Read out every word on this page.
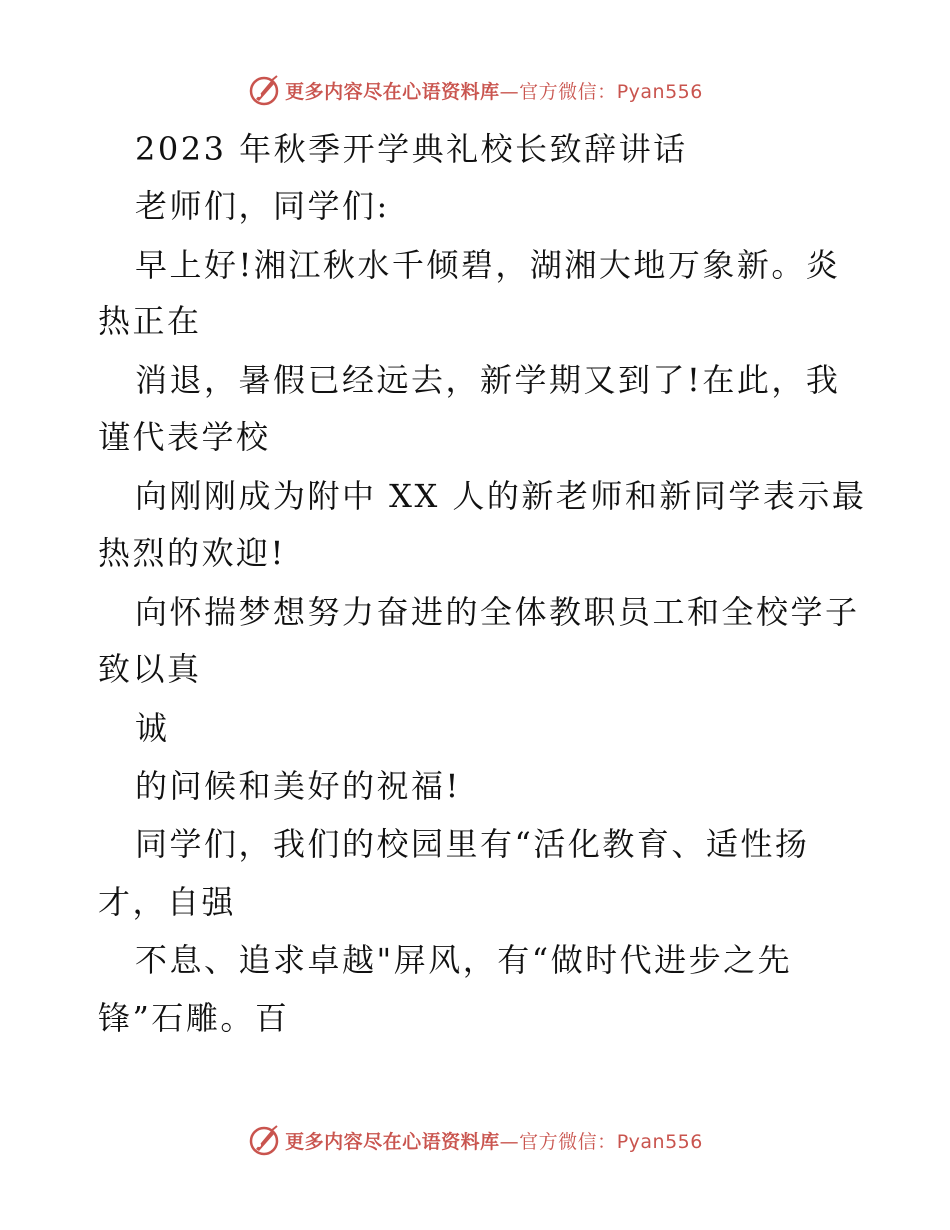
更多内容尽在心语资料库—官方微信：Pyan556
2023 年秋季开学典礼校长致辞讲话
老师们，同学们:
早上好!湘江秋水千倾碧，湖湘大地万象新。炎
热正在
消退，暑假已经远去，新学期又到了!在此，我
谨代表学校
向刚刚成为附中 XX 人的新老师和新同学表示最
热烈的欢迎!
向怀揣梦想努力奋进的全体教职员工和全校学子
致以真
诚
的问候和美好的祝福!
同学们，我们的校园里有“活化教育、适性扬
才，自强
不息、追求卓越"屏风，有“做时代进步之先
锋”石雕。百
更多内容尽在心语资料库—官方微信：Pyan556
